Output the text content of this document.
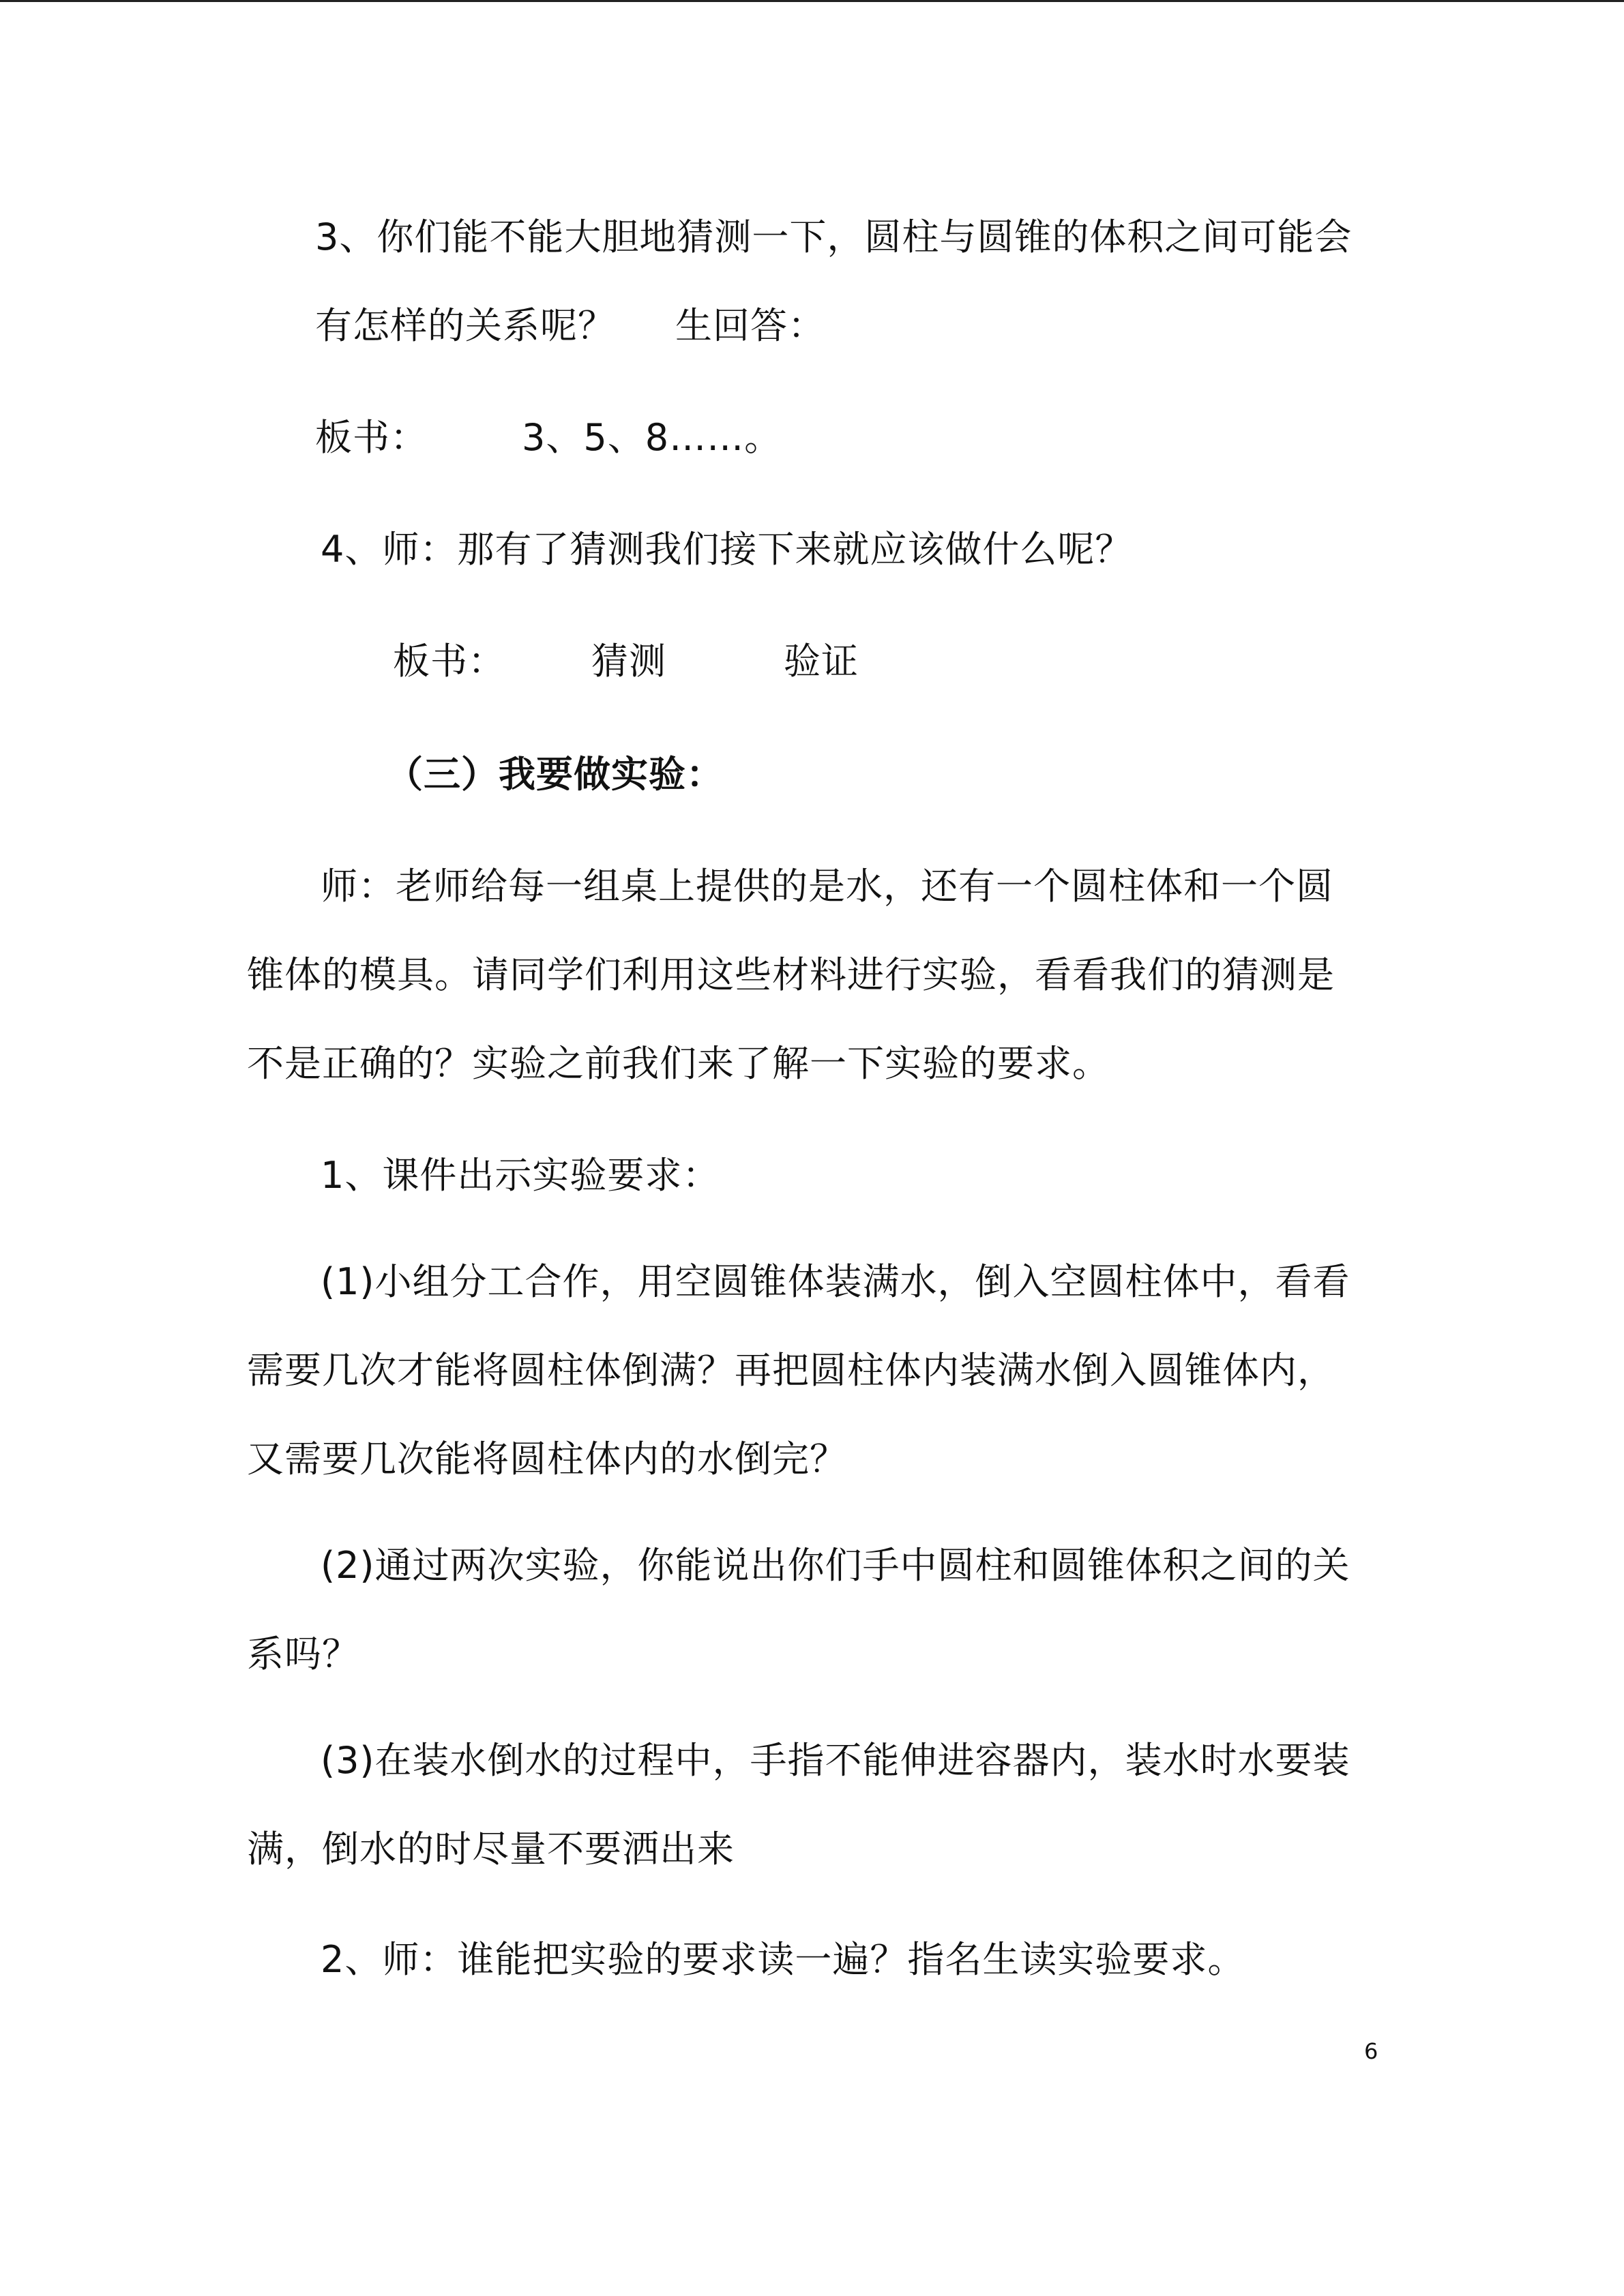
3、你们能不能大胆地猜测一下，圆柱与圆锥的体积之间可能会
有怎样的关系呢？ 生回答：
板书：	3、5、8……。
4、师：那有了猜测我们接下来就应该做什么呢？
板书： 猜测	验证
（三）我要做实验：
师：老师给每一组桌上提供的是水，还有一个圆柱体和一个圆
锥体的模具。请同学们利用这些材料进行实验，看看我们的猜测是
不是正确的？实验之前我们来了解一下实验的要求。
1、课件出示实验要求：
(1)小组分工合作，用空圆锥体装满水，倒入空圆柱体中，看看
需要几次才能将圆柱体倒满？再把圆柱体内装满水倒入圆锥体内，
又需要几次能将圆柱体内的水倒完？
(2)通过两次实验，你能说出你们手中圆柱和圆锥体积之间的关
系吗？
(3)在装水倒水的过程中，手指不能伸进容器内，装水时水要装
满，倒水的时尽量不要洒出来
2、师：谁能把实验的要求读一遍？指名生读实验要求。
6
